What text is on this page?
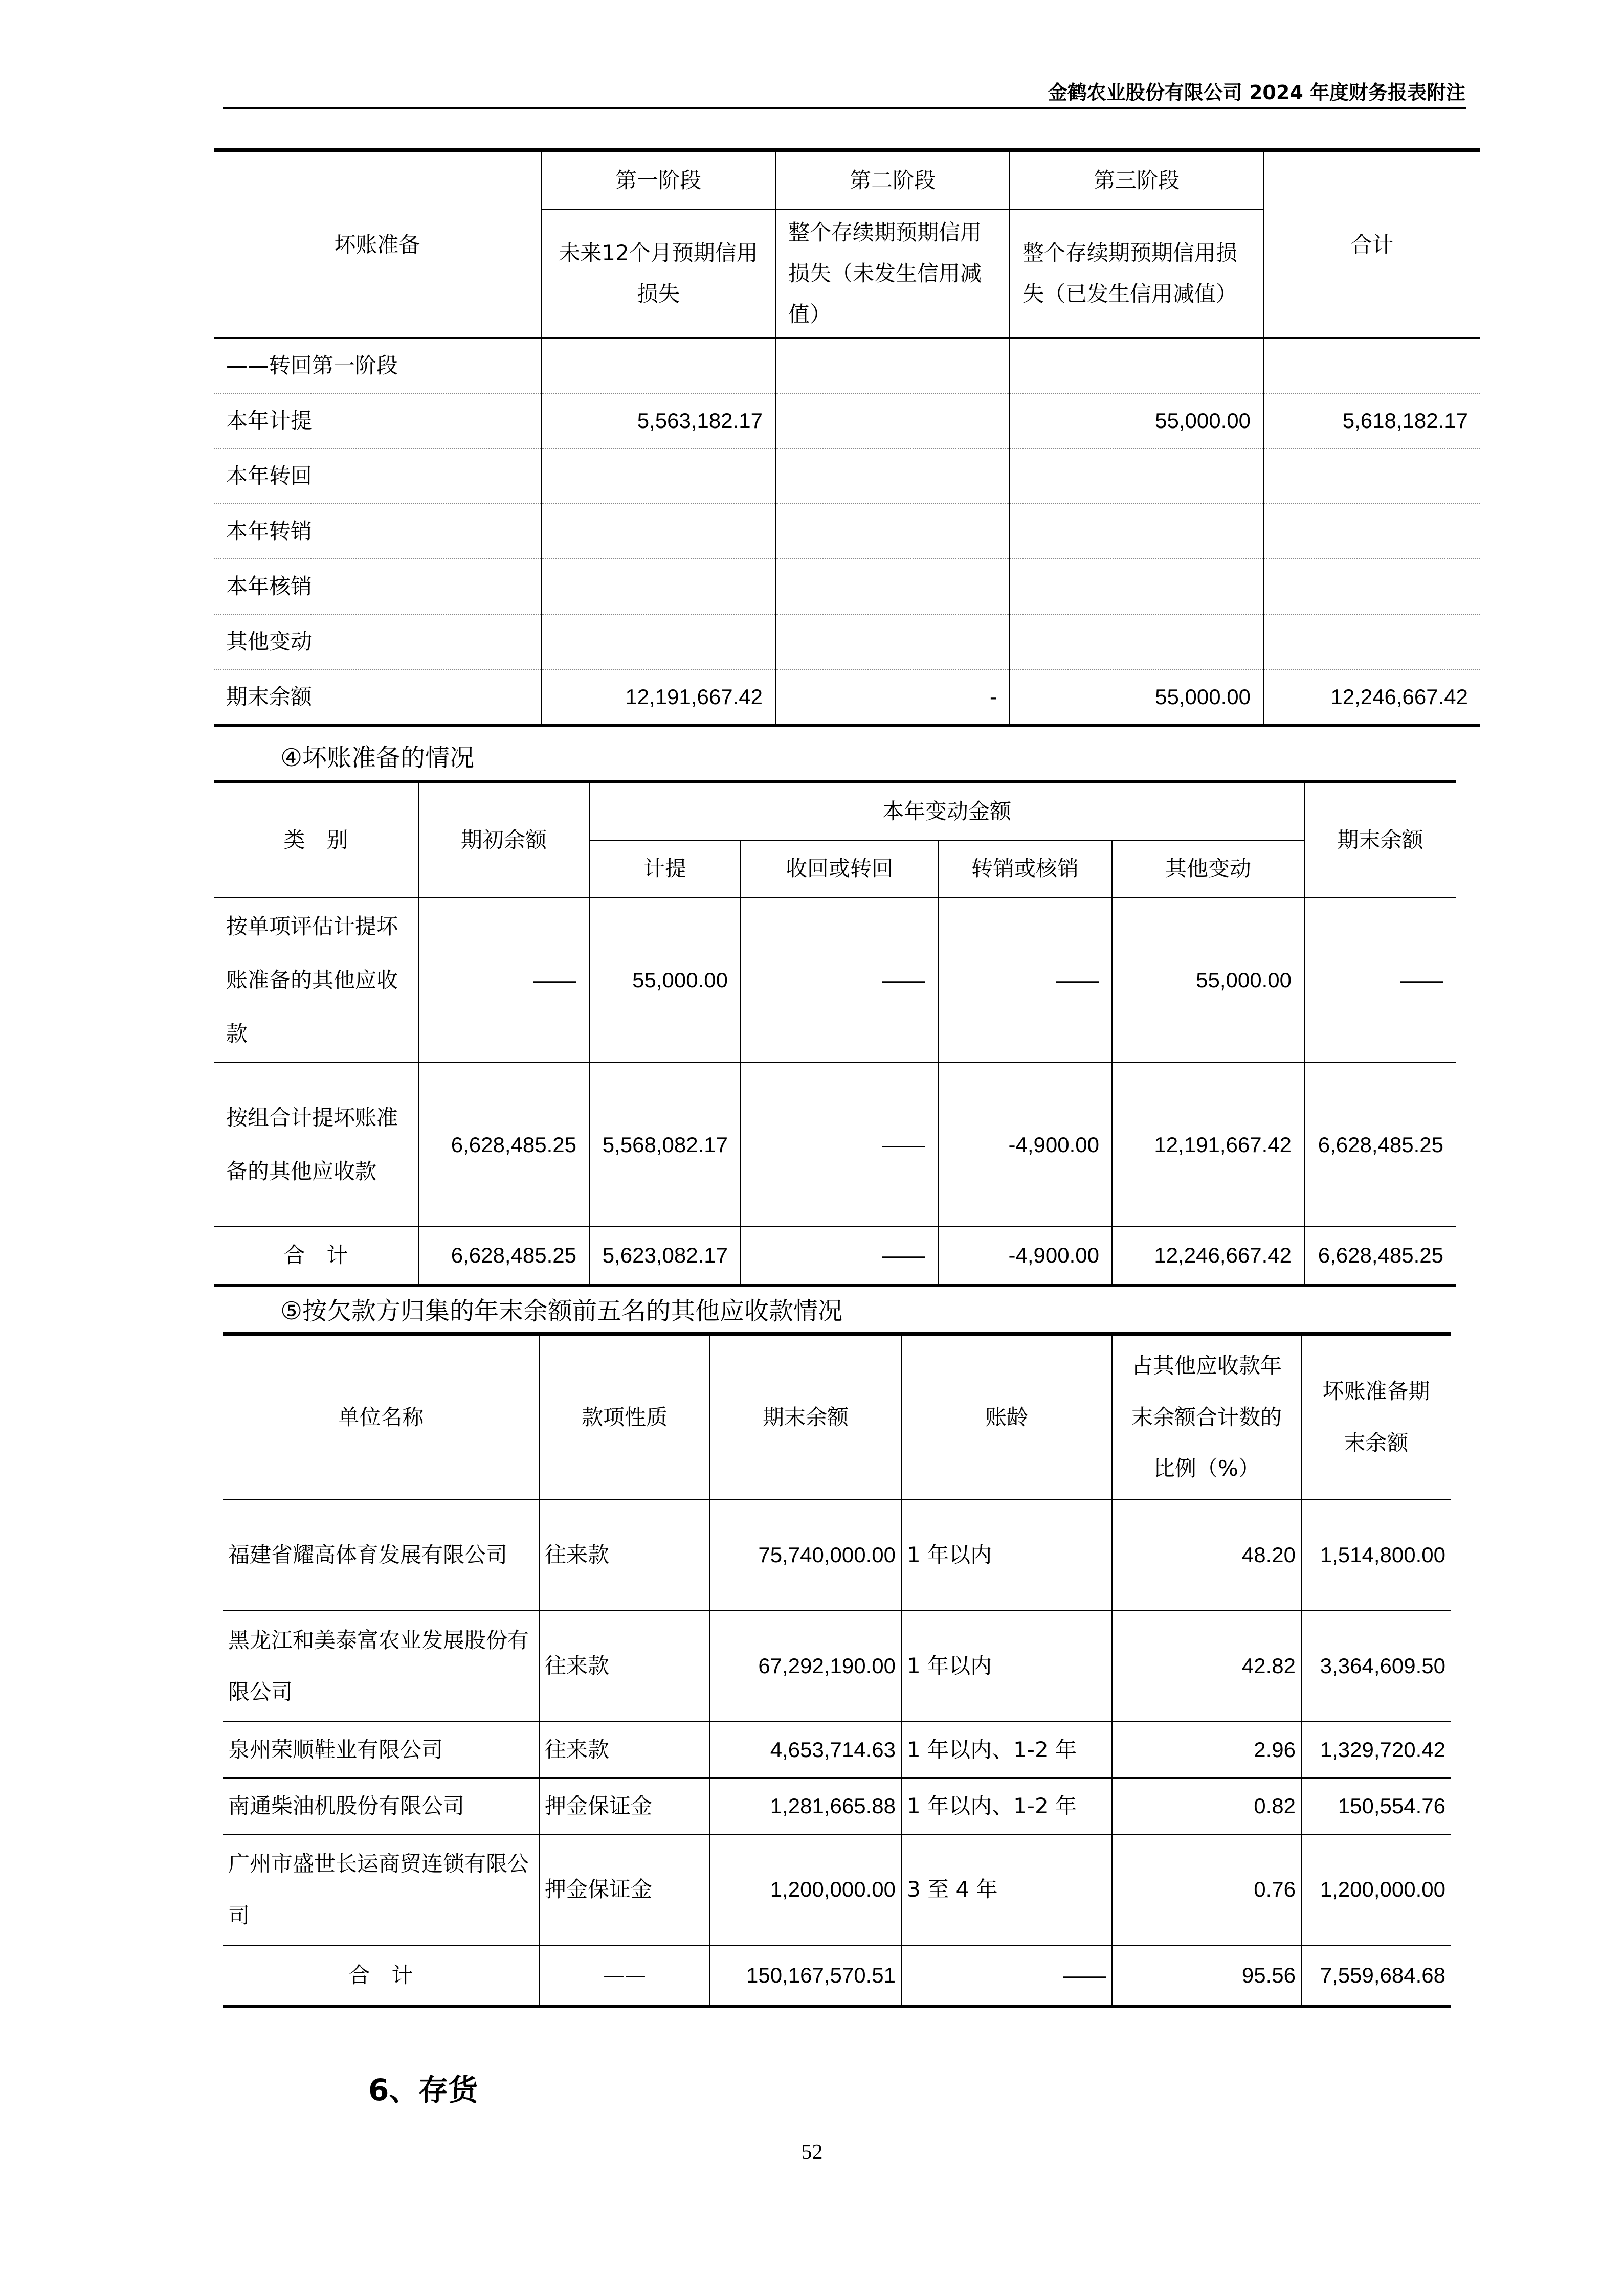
金鹤农业股份有限公司 2024 年度财务报表附注
坏账准备	第一阶段	第二阶段	第三阶段	合计
	未来12个月预期信用损失	整个存续期预期信用损失（未发生信用减值）	整个存续期预期信用损失（已发生信用减值）	
——转回第一阶段				
本年计提	5,563,182.17		55,000.00	5,618,182.17
本年转回				
本年转销				
本年核销				
其他变动				
期末余额	12,191,667.42	-	55,000.00	12,246,667.42
④坏账准备的情况
类　别	期初余额	本年变动金额				期末余额
		计提	收回或转回	转销或核销	其他变动	
按单项评估计提坏账准备的其他应收款	——	55,000.00	——	——	55,000.00	——
按组合计提坏账准备的其他应收款	6,628,485.25	5,568,082.17	——	-4,900.00	12,191,667.42	6,628,485.25
合　计	6,628,485.25	5,623,082.17	——	-4,900.00	12,246,667.42	6,628,485.25
⑤按欠款方归集的年末余额前五名的其他应收款情况
单位名称	款项性质	期末余额	账龄	占其他应收款年末余额合计数的比例（%）	坏账准备期末余额
福建省耀高体育发展有限公司	往来款	75,740,000.00	1 年以内	48.20	1,514,800.00
黑龙江和美泰富农业发展股份有限公司	往来款	67,292,190.00	1 年以内	42.82	3,364,609.50
泉州荣顺鞋业有限公司	往来款	4,653,714.63	1 年以内、1-2 年	2.96	1,329,720.42
南通柴油机股份有限公司	押金保证金	1,281,665.88	1 年以内、1-2 年	0.82	150,554.76
广州市盛世长运商贸连锁有限公司	押金保证金	1,200,000.00	3 至 4 年	0.76	1,200,000.00
合　计	——	150,167,570.51	——	95.56	7,559,684.68
6、存货
52
